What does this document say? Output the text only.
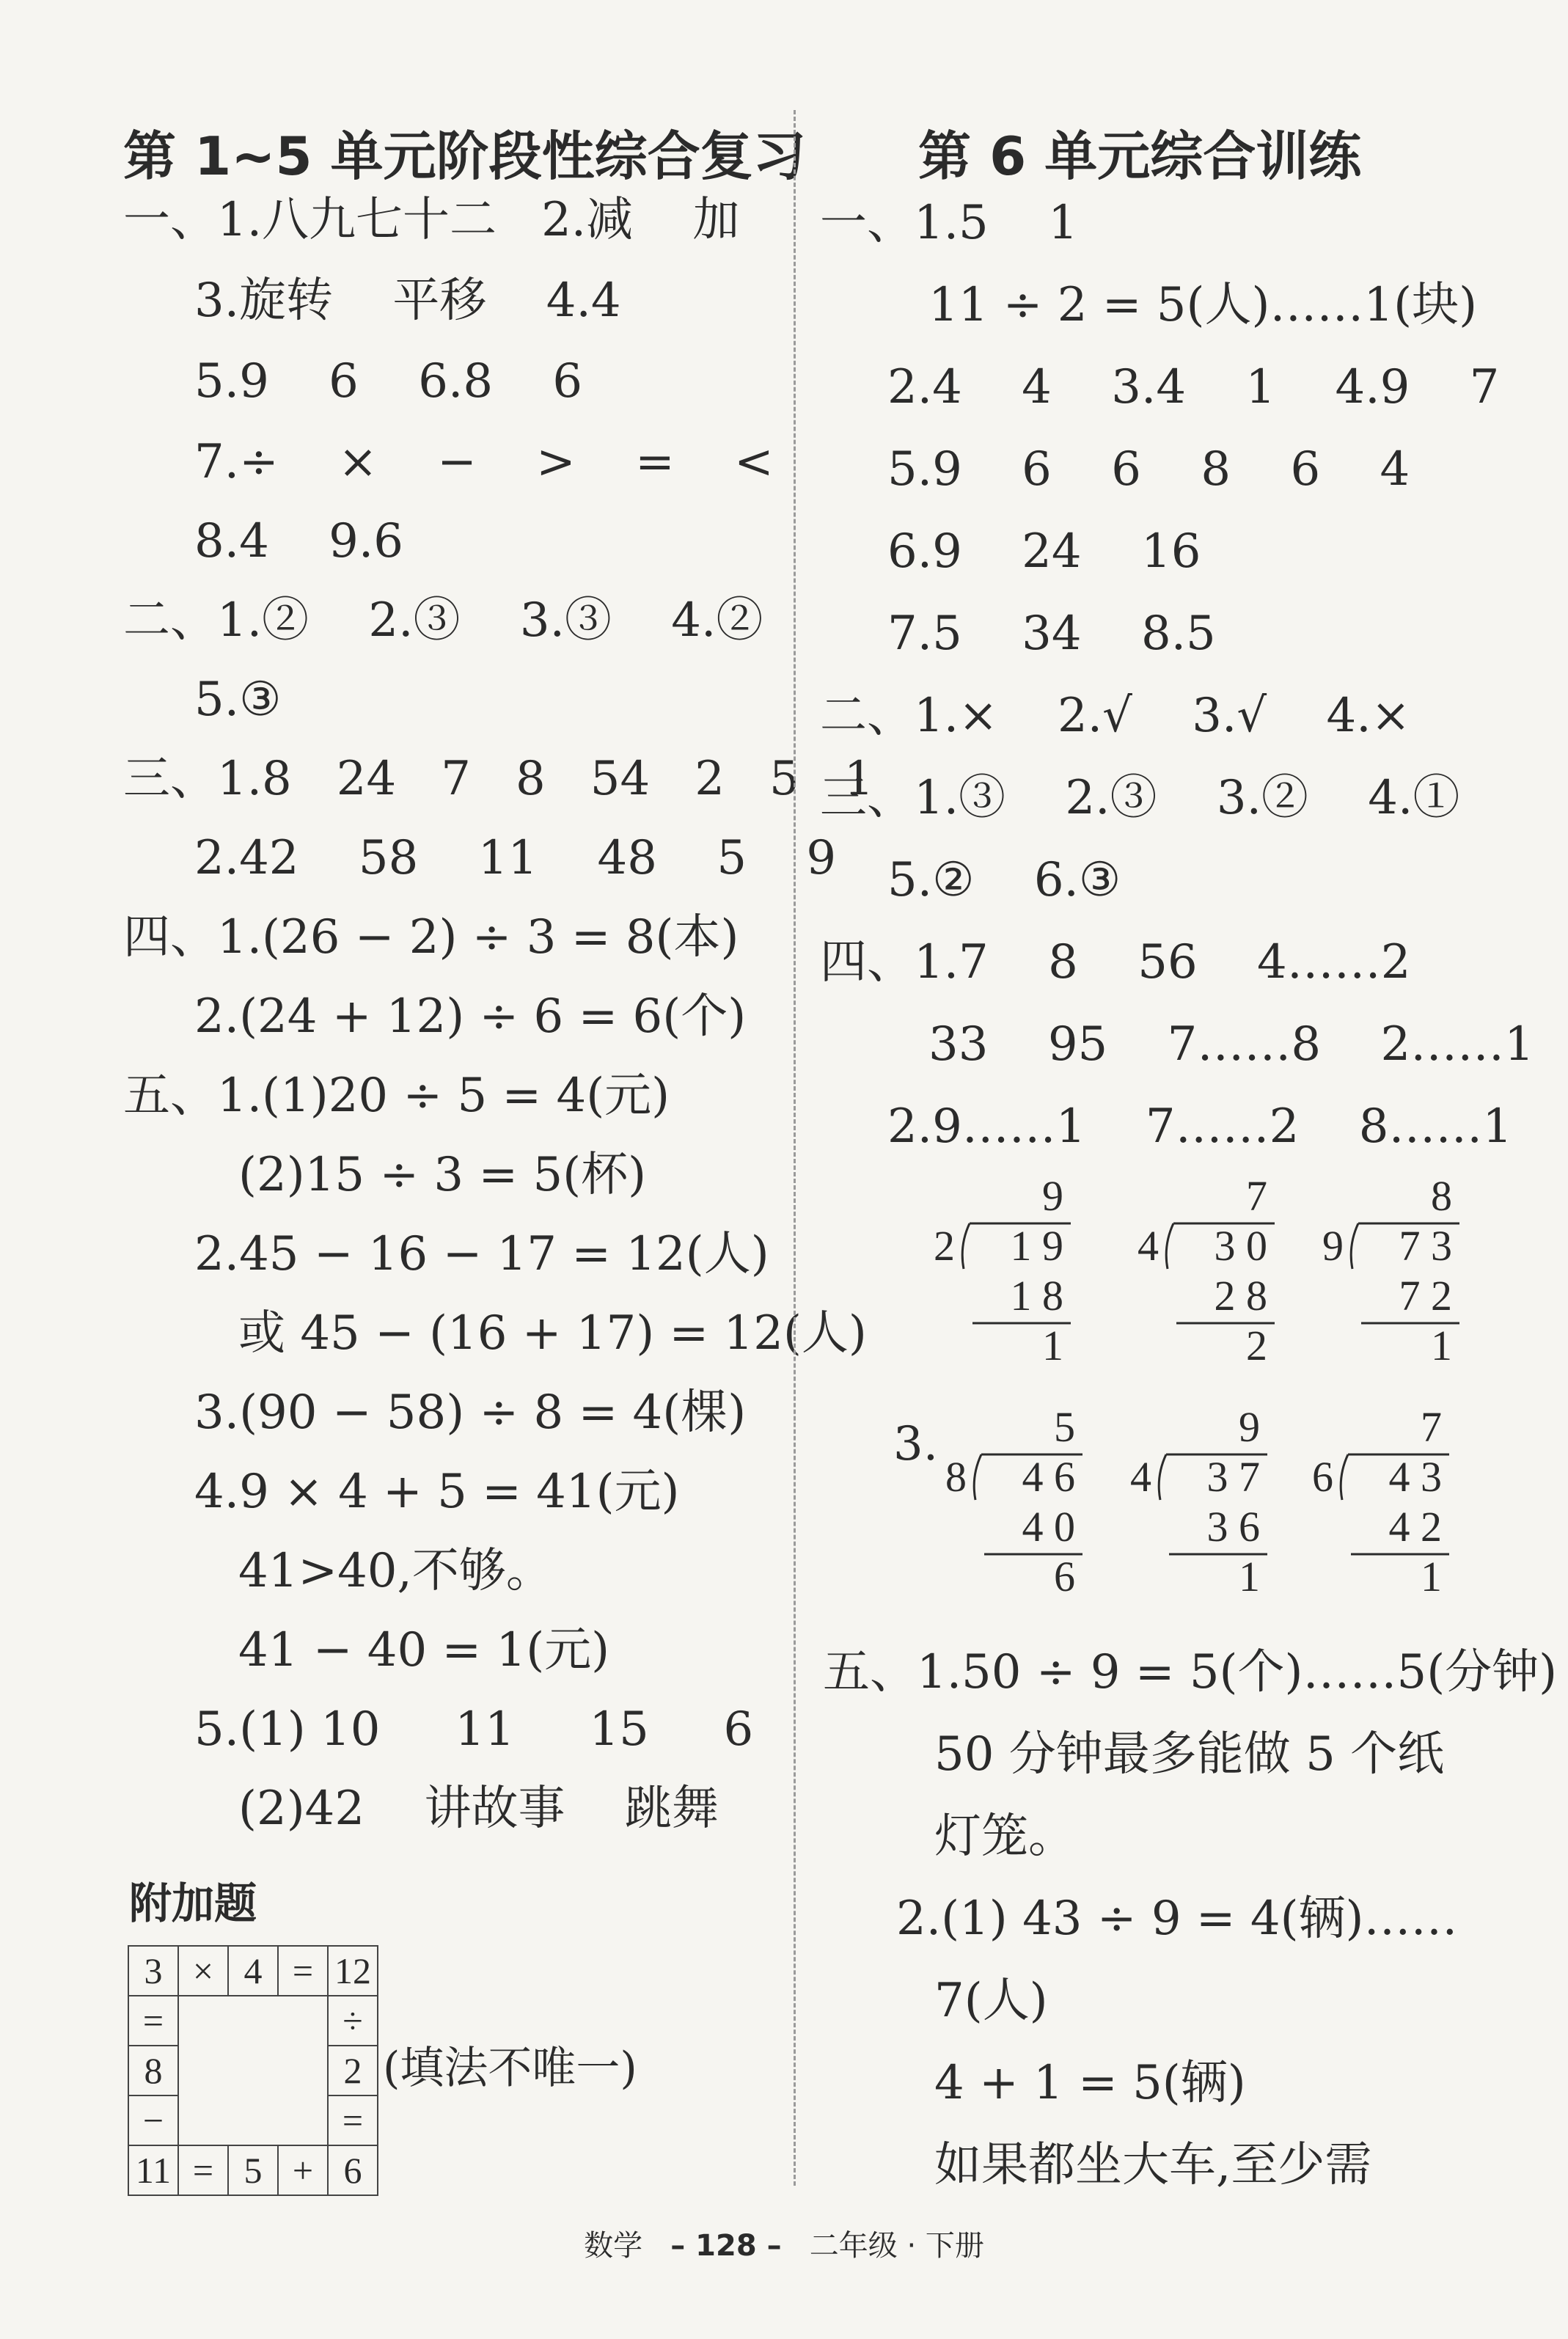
第 1~5 单元阶段性综合复习
一、1.八九七十二   2.减    加
3.旋转    平移    4.4
5.9    6    6.8    6
7.÷    ×    −    >    =    <
8.4    9.6
二、1.②    2.③    3.③    4.②
5.③
三、1.8   24   7   8   54   2   5   1
2.42    58    11    48    5    9
四、1.(26 − 2) ÷ 3 = 8(本)
2.(24 + 12) ÷ 6 = 6(个)
五、1.(1)20 ÷ 5 = 4(元)
(2)15 ÷ 3 = 5(杯)
2.45 − 16 − 17 = 12(人)
或 45 − (16 + 17) = 12(人)
3.(90 − 58) ÷ 8 = 4(棵)
4.9 × 4 + 5 = 41(元)
41>40,不够。
41 − 40 = 1(元)
5.(1) 10     11     15     6
(2)42    讲故事    跳舞
附加题
3	×	4	=	12
=				÷
8				2
−				=
11	=	5	+	6
(填法不唯一)
第 6 单元综合训练
一、1.5    1
11 ÷ 2 = 5(人)……1(块)
2.4    4    3.4    1    4.9    7
5.9    6    6    8    6    4
6.9    24    16
7.5    34    8.5
二、1.×    2.√    3.√    4.×
三、1.③    2.③    3.②    4.①
5.②    6.③
四、1.7    8    56    4……2
33    95    7……8    2……1
2.9……1    7……2    8……1
9
2 1 9
1 8
1
7
4 3 0
2 8
2
8
9 7 3
7 2
1
3.	5
8 4 6
4 0
6
9
4 3 7
3 6
1
7
6 4 3
4 2
1
五、1.50 ÷ 9 = 5(个)……5(分钟)
50 分钟最多能做 5 个纸
灯笼。
2.(1) 43 ÷ 9 = 4(辆)……
7(人)
4 + 1 = 5(辆)
如果都坐大车,至少需
数学 – 128 – 二年级 · 下册
